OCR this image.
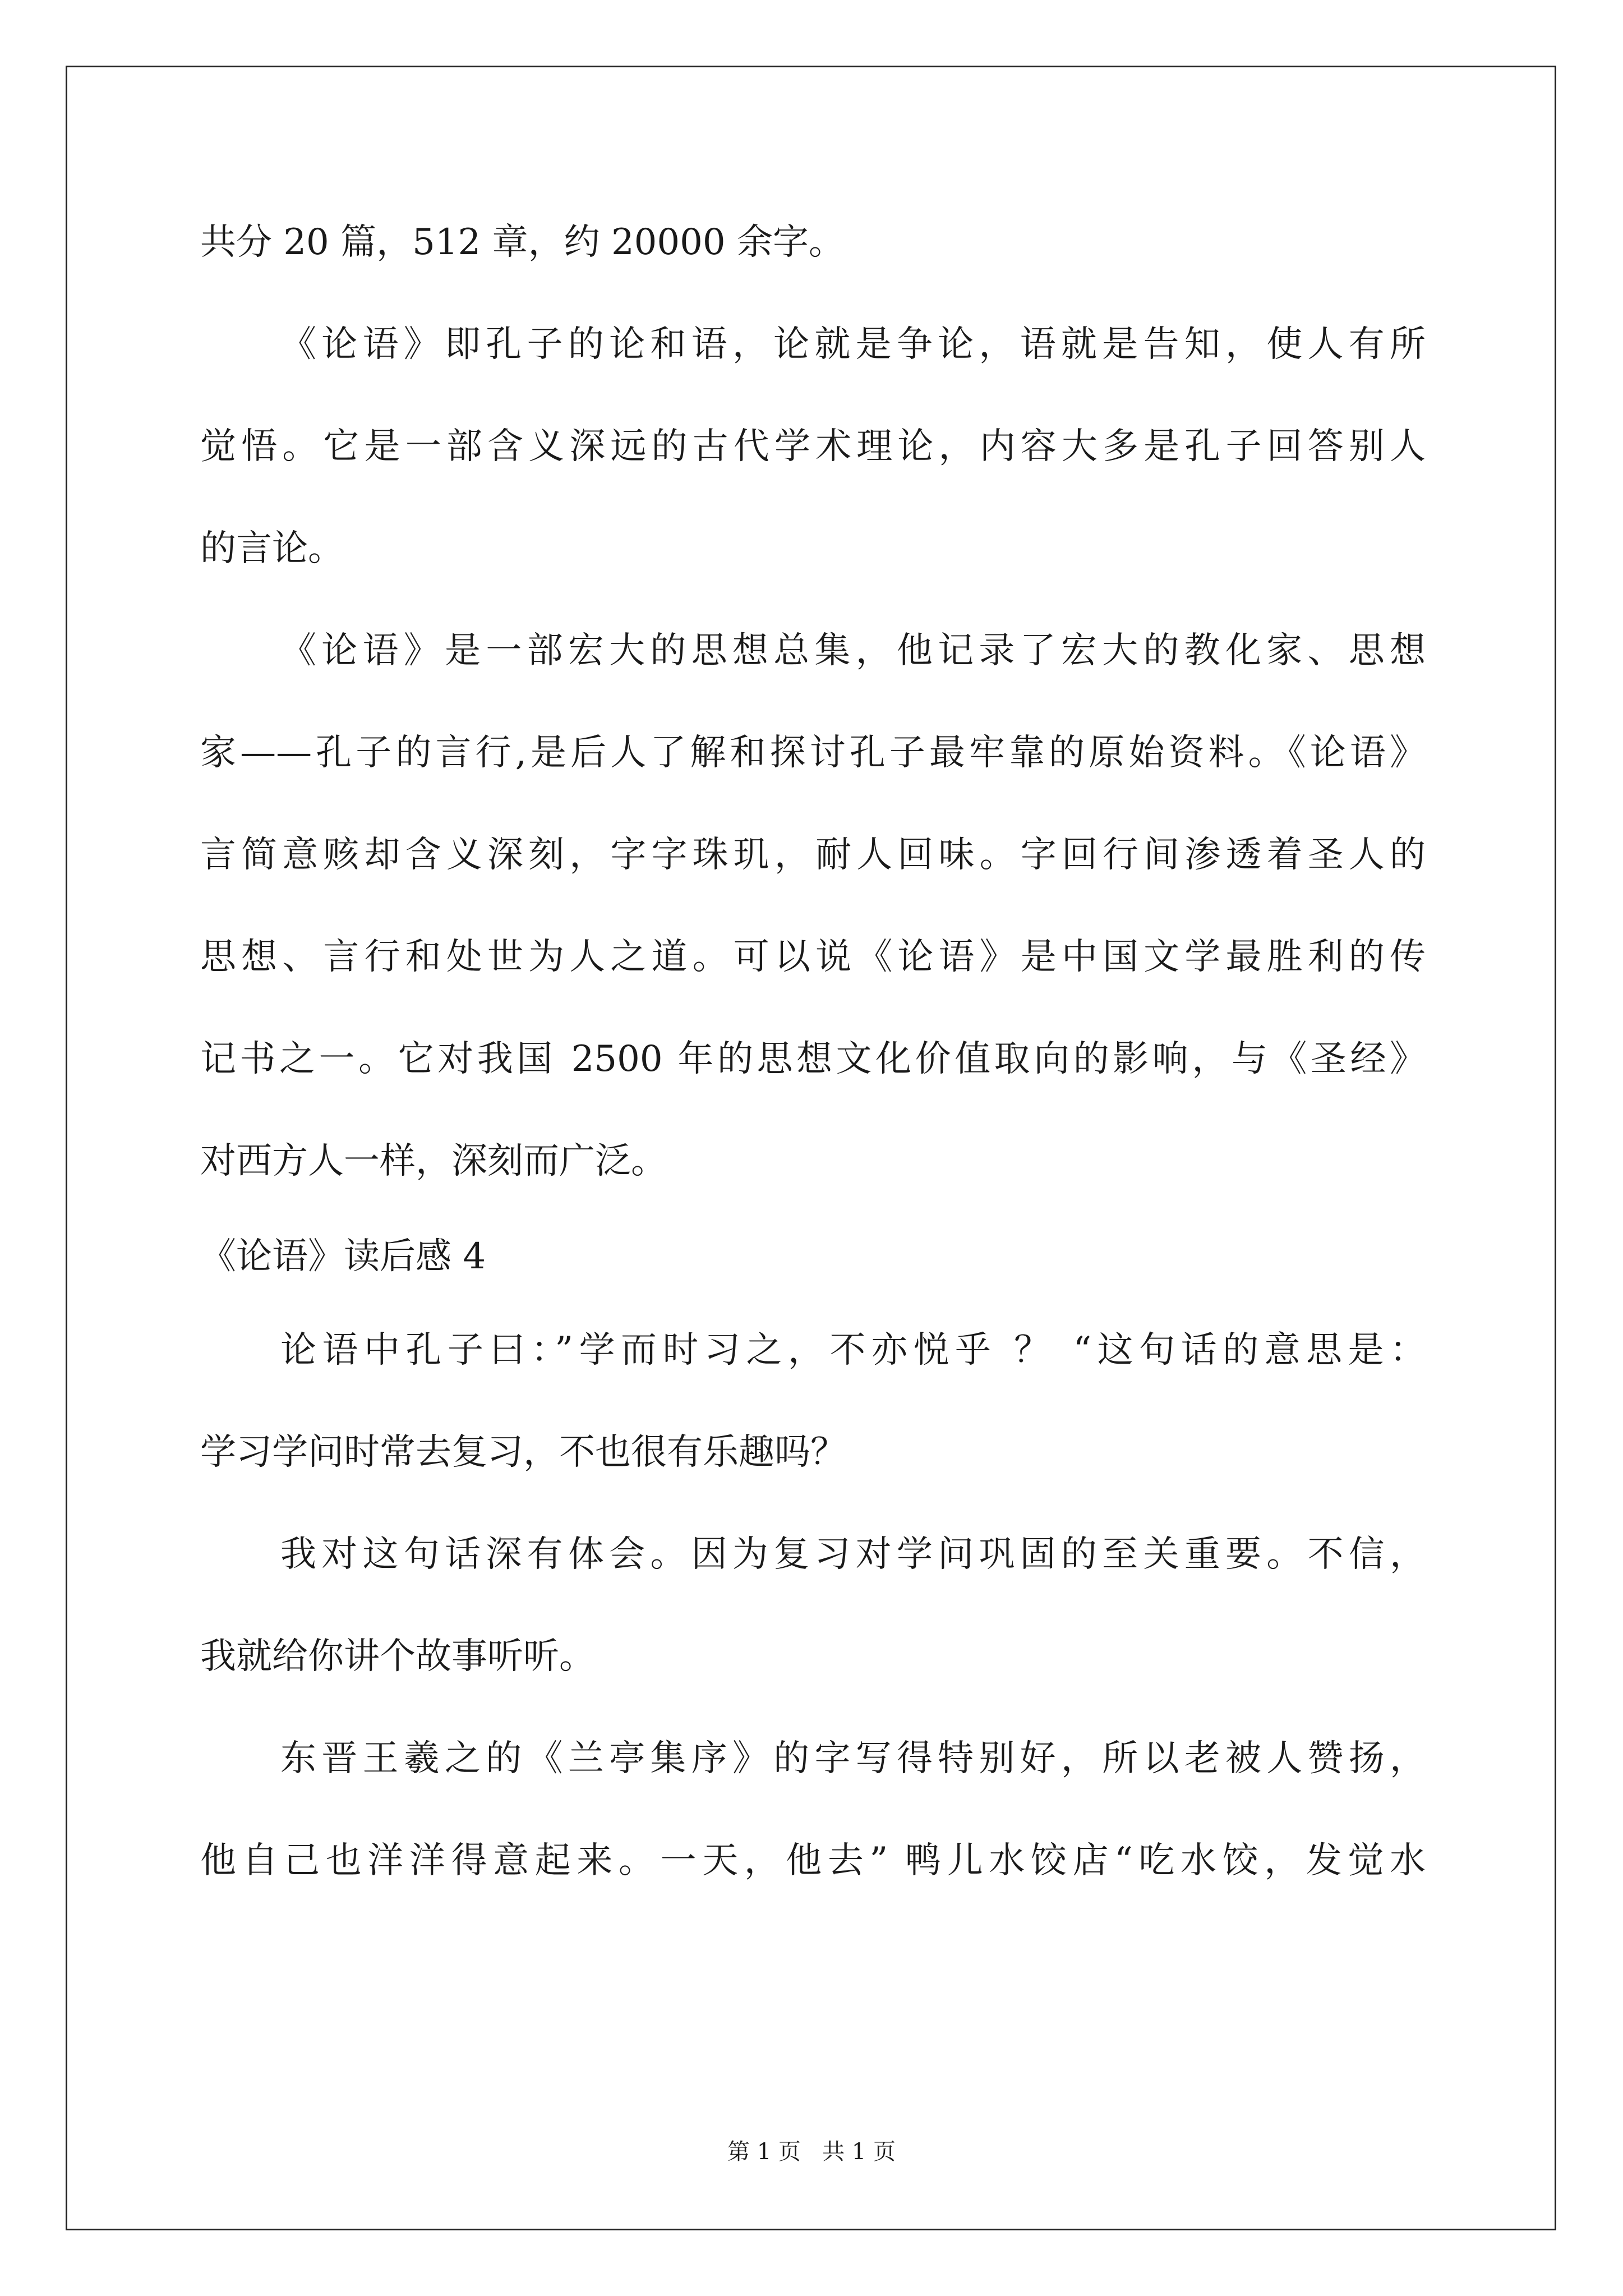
共分 20 篇，512 章，约 20000 余字。
《论语》即孔子的论和语，论就是争论，语就是告知，使人有所
觉悟。它是一部含义深远的古代学术理论，内容大多是孔子回答别人
的言论。
《论语》是一部宏大的思想总集，他记录了宏大的教化家、思想
家——孔子的言行,是后人了解和探讨孔子最牢靠的原始资料。《论语》
言简意赅却含义深刻，字字珠玑，耐人回味。字回行间渗透着圣人的
思想、言行和处世为人之道。可以说《论语》是中国文学最胜利的传
记书之一。它对我国 2500 年的思想文化价值取向的影响，与《圣经》
对西方人一样，深刻而广泛。
《论语》读后感 4
论语中孔子曰：”学而时习之，不亦悦乎 ？ “这句话的意思是：
学习学问时常去复习，不也很有乐趣吗？
我对这句话深有体会。因为复习对学问巩固的至关重要。不信，
我就给你讲个故事听听。
东晋王羲之的《兰亭集序》的字写得特别好，所以老被人赞扬，
他自己也洋洋得意起来。一天，他去” 鸭儿水饺店“吃水饺，发觉水
第 1 页   共 1 页
